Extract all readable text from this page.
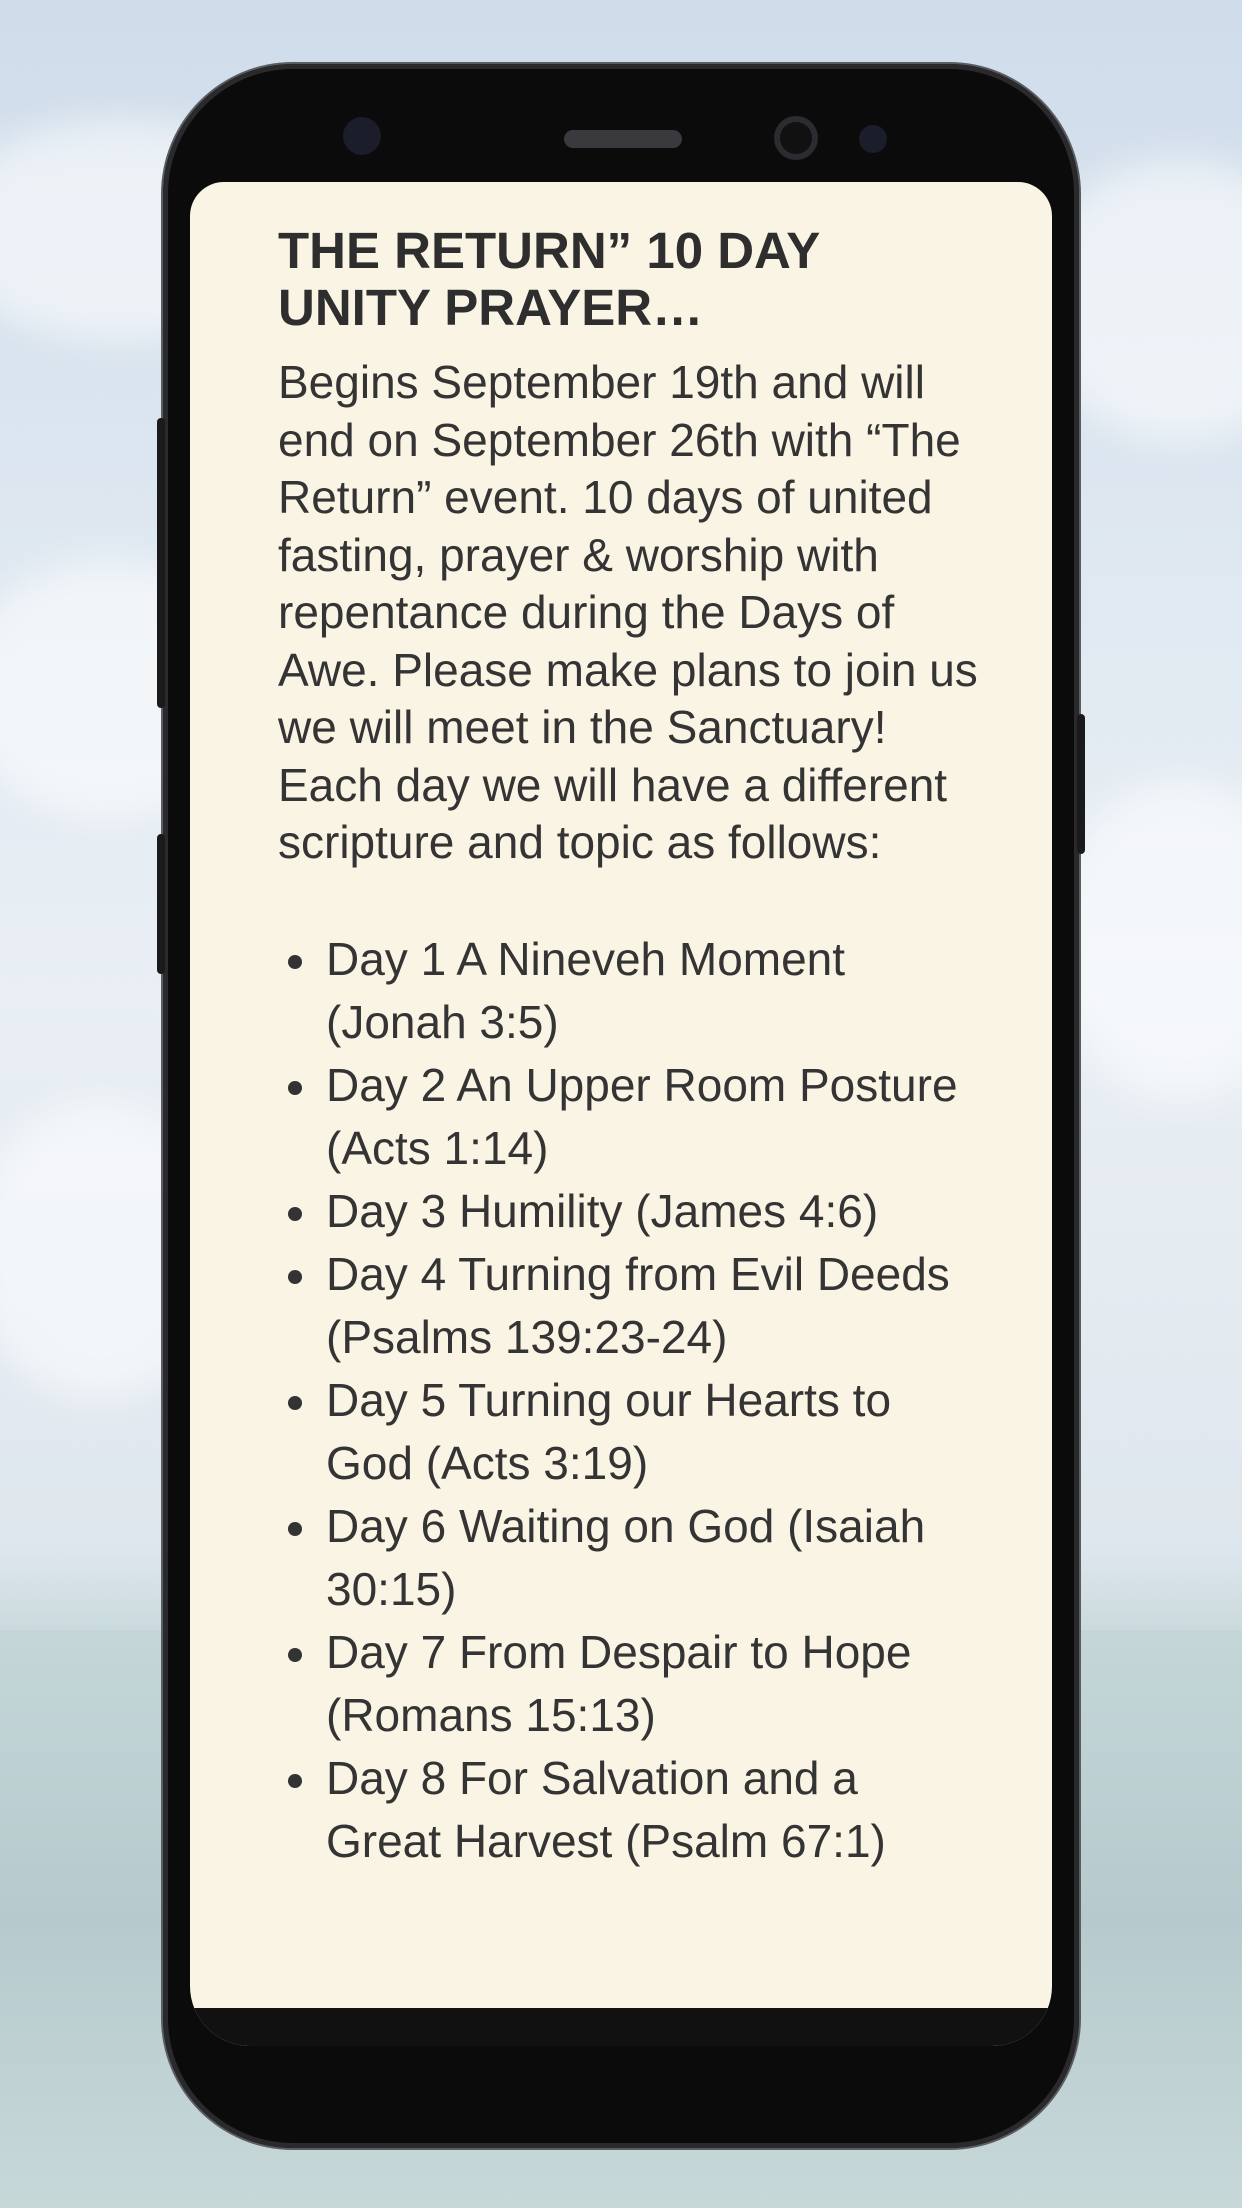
THE RETURN” 10 DAY UNITY PRAYER…

Begins September 19th and will end on September 26th with “The Return” event. 10 days of united fasting, prayer & worship with repentance during the Days of Awe. Please make plans to join us we will meet in the Sanctuary! Each day we will have a different scripture and topic as follows:

Day 1 A Nineveh Moment (Jonah 3:5)
Day 2 An Upper Room Posture (Acts 1:14)
Day 3 Humility (James 4:6)
Day 4 Turning from Evil Deeds (Psalms 139:23-24)
Day 5 Turning our Hearts to God (Acts 3:19)
Day 6 Waiting on God (Isaiah 30:15)
Day 7 From Despair to Hope (Romans 15:13)
Day 8 For Salvation and a Great Harvest (Psalm 67:1)
